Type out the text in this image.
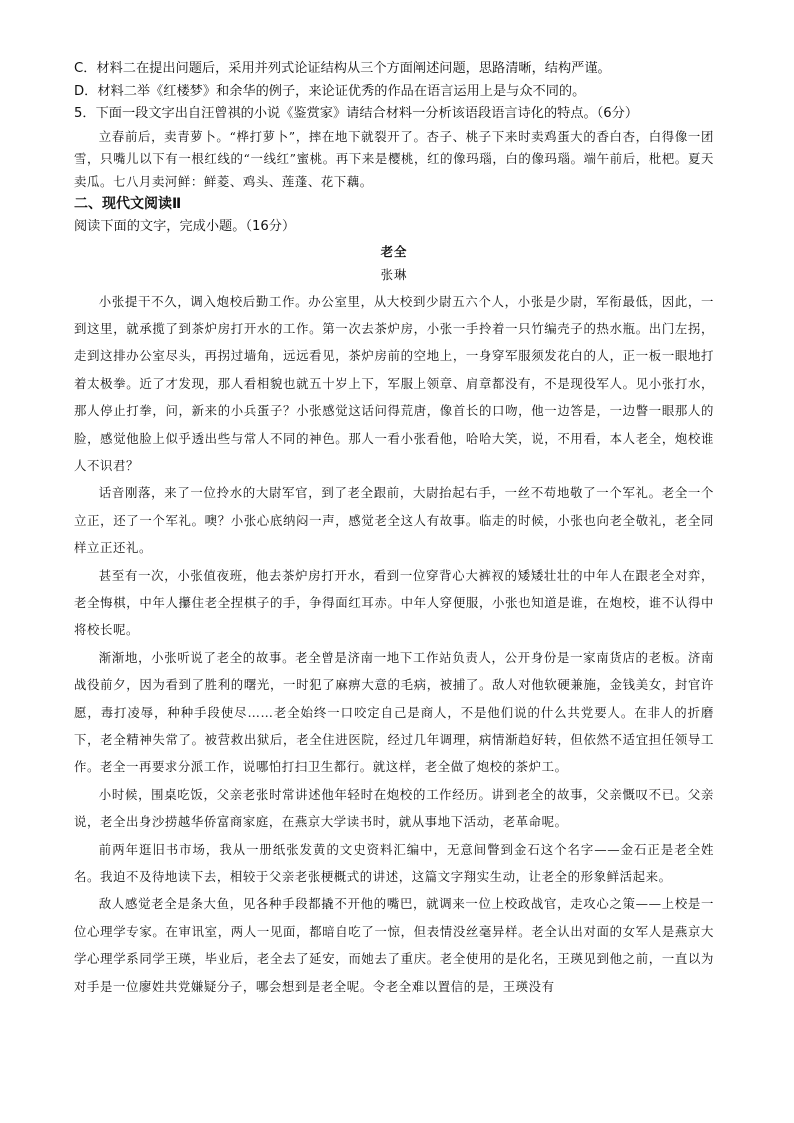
C．材料二在提出问题后，采用并列式论证结构从三个方面阐述问题，思路清晰，结构严谨。

D．材料二举《红楼梦》和余华的例子，来论证优秀的作品在语言运用上是与众不同的。

5．下面一段文字出自汪曾祺的小说《鉴赏家》请结合材料一分析该语段语言诗化的特点。（6分）

立春前后，卖青萝卜。“桦打萝卜”，摔在地下就裂开了。杏子、桃子下来时卖鸡蛋大的香白杏，白得像一团雪，只嘴儿以下有一根红线的“一线红”蜜桃。再下来是樱桃，红的像玛瑙，白的像玛瑙。端午前后，枇杷。夏天卖瓜。七八月卖河鲜：鲜菱、鸡头、莲蓬、花下藕。

二、现代文阅读Ⅱ

阅读下面的文字，完成小题。（16分）

老全

张琳

小张提干不久，调入炮校后勤工作。办公室里，从大校到少尉五六个人，小张是少尉，军衔最低，因此，一到这里，就承揽了到茶炉房打开水的工作。第一次去茶炉房，小张一手拎着一只竹编壳子的热水瓶。出门左拐，走到这排办公室尽头，再拐过墙角，远远看见，茶炉房前的空地上，一身穿军服须发花白的人，正一板一眼地打着太极拳。近了才发现，那人看相貌也就五十岁上下，军服上领章、肩章都没有，不是现役军人。见小张打水，那人停止打拳，问，新来的小兵蛋子？小张感觉这话问得荒唐，像首长的口吻，他一边答是，一边瞥一眼那人的脸，感觉他脸上似乎透出些与常人不同的神色。那人一看小张看他，哈哈大笑，说，不用看，本人老全，炮校谁人不识君？

话音刚落，来了一位拎水的大尉军官，到了老全跟前，大尉抬起右手，一丝不苟地敬了一个军礼。老全一个立正，还了一个军礼。噢？小张心底纳闷一声，感觉老全这人有故事。临走的时候，小张也向老全敬礼，老全同样立正还礼。

甚至有一次，小张值夜班，他去茶炉房打开水，看到一位穿背心大裤衩的矮矮壮壮的中年人在跟老全对弈，老全悔棋，中年人攥住老全捏棋子的手，争得面红耳赤。中年人穿便服，小张也知道是谁，在炮校，谁不认得中将校长呢。

渐渐地，小张听说了老全的故事。老全曾是济南一地下工作站负责人，公开身份是一家南货店的老板。济南战役前夕，因为看到了胜利的曙光，一时犯了麻痹大意的毛病，被捕了。敌人对他软硬兼施，金钱美女，封官许愿，毒打凌辱，种种手段使尽……老全始终一口咬定自己是商人，不是他们说的什么共党要人。在非人的折磨下，老全精神失常了。被营救出狱后，老全住进医院，经过几年调理，病情渐趋好转，但依然不适宜担任领导工作。老全一再要求分派工作，说哪怕打扫卫生都行。就这样，老全做了炮校的茶炉工。

小时候，围桌吃饭，父亲老张时常讲述他年轻时在炮校的工作经历。讲到老全的故事，父亲慨叹不已。父亲说，老全出身沙捞越华侨富商家庭，在燕京大学读书时，就从事地下活动，老革命呢。

前两年逛旧书市场，我从一册纸张发黄的文史资料汇编中，无意间瞥到金石这个名字——金石正是老全姓名。我迫不及待地读下去，相较于父亲老张梗概式的讲述，这篇文字翔实生动，让老全的形象鲜活起来。

敌人感觉老全是条大鱼，见各种手段都撬不开他的嘴巴，就调来一位上校政战官，走攻心之策——上校是一位心理学专家。在审讯室，两人一见面，都暗自吃了一惊，但表情没丝毫异样。老全认出对面的女军人是燕京大学心理学系同学王瑛，毕业后，老全去了延安，而她去了重庆。老全使用的是化名，王瑛见到他之前，一直以为对手是一位廖姓共党嫌疑分子，哪会想到是老全呢。令老全难以置信的是，王瑛没有
